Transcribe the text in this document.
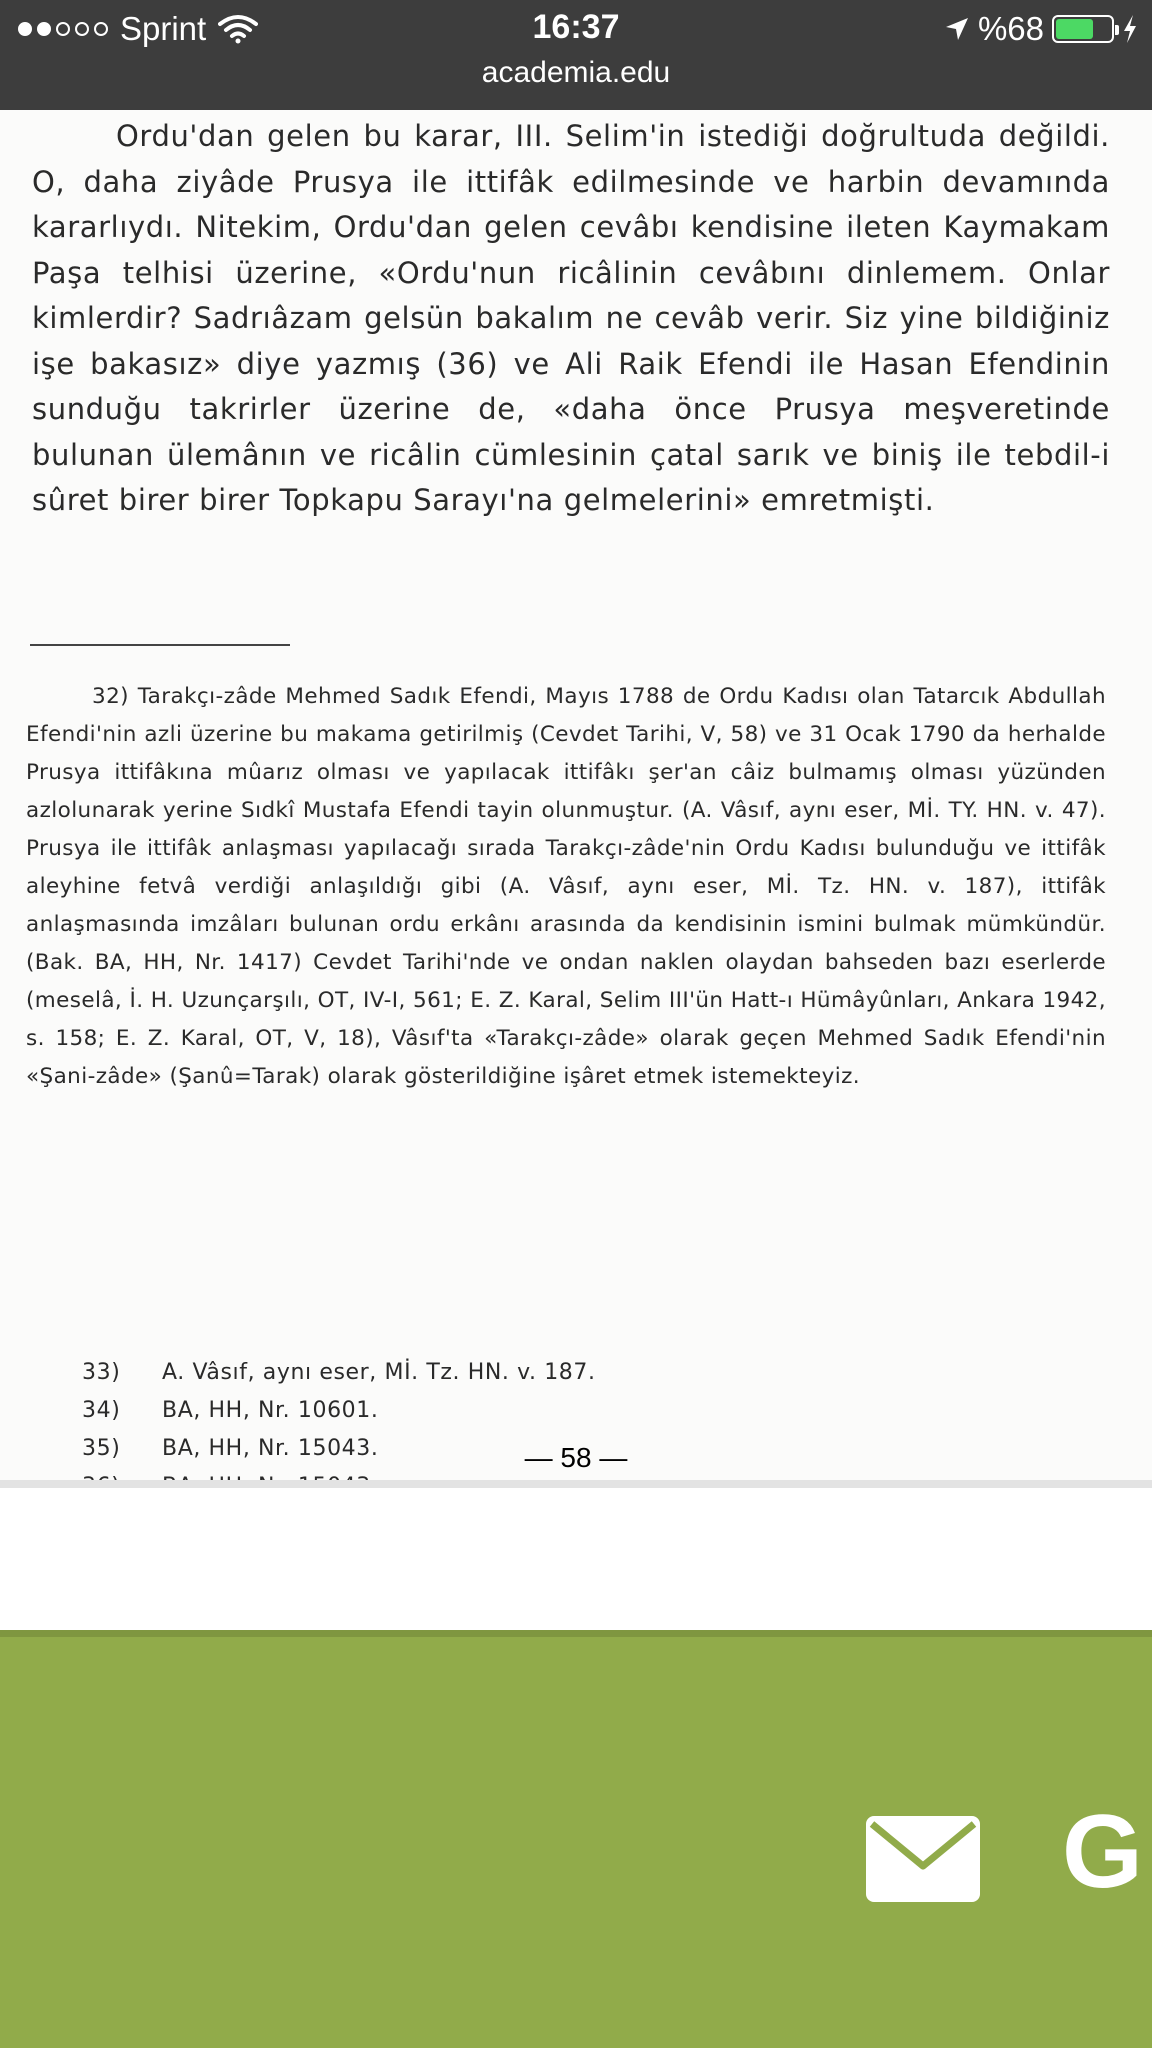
Sprint	16:37	%68
academia.edu

Ordu'dan gelen bu karar, III. Selim'in istediği doğrultuda değildi. O, daha ziyâde Prusya ile ittifâk edilmesinde ve harbin devamında kararlıydı. Nitekim, Ordu'dan gelen cevâbı kendisine ileten Kaymakam Paşa telhisi üzerine, «Ordu'nun ricâlinin cevâbını dinlemem. Onlar kimlerdir? Sadrıâzam gelsün bakalım ne cevâb verir. Siz yine bildiğiniz işe bakasız» diye yazmış (36) ve Ali Raik Efendi ile Hasan Efendinin sunduğu takrirler üzerine de, «daha önce Prusya meşveretinde bulunan ülemânın ve ricâlin cümlesinin çatal sarık ve biniş ile tebdil-i sûret birer birer Topkapu Sarayı'na gelmelerini» emretmişti.

32) Tarakçı-zâde Mehmed Sadık Efendi, Mayıs 1788 de Ordu Kadısı olan Tatarcık Abdullah Efendi'nin azli üzerine bu makama getirilmiş (Cevdet Tarihi, V, 58) ve 31 Ocak 1790 da herhalde Prusya ittifâkına mûarız olması ve yapılacak ittifâkı şer'an câiz bulmamış olması yüzünden azlolunarak yerine Sıdkî Mustafa Efendi tayin olunmuştur. (A. Vâsıf, aynı eser, Mİ. TY. HN. v. 47). Prusya ile ittifâk anlaşması yapılacağı sırada Tarakçı-zâde'nin Ordu Kadısı bulunduğu ve ittifâk aleyhine fetvâ verdiği anlaşıldığı gibi (A. Vâsıf, aynı eser, Mİ. Tz. HN. v. 187), ittifâk anlaşmasında imzâları bulunan ordu erkânı arasında da kendisinin ismini bulmak mümkündür. (Bak. BA, HH, Nr. 1417) Cevdet Tarihi'nde ve ondan naklen olaydan bahseden bazı eserlerde (meselâ, İ. H. Uzunçarşılı, OT, IV-I, 561; E. Z. Karal, Selim III'ün Hatt-ı Hümâyûnları, Ankara 1942, s. 158; E. Z. Karal, OT, V, 18), Vâsıf'ta «Tarakçı-zâde» olarak geçen Mehmed Sadık Efendi'nin «Şani-zâde» (Şanû=Tarak) olarak gösterildiğine işâret etmek istemekteyiz.

33) A. Vâsıf, aynı eser, Mİ. Tz. HN. v. 187.
34) BA, HH, Nr. 10601.
35) BA, HH, Nr. 15043.	— 58 —
G
